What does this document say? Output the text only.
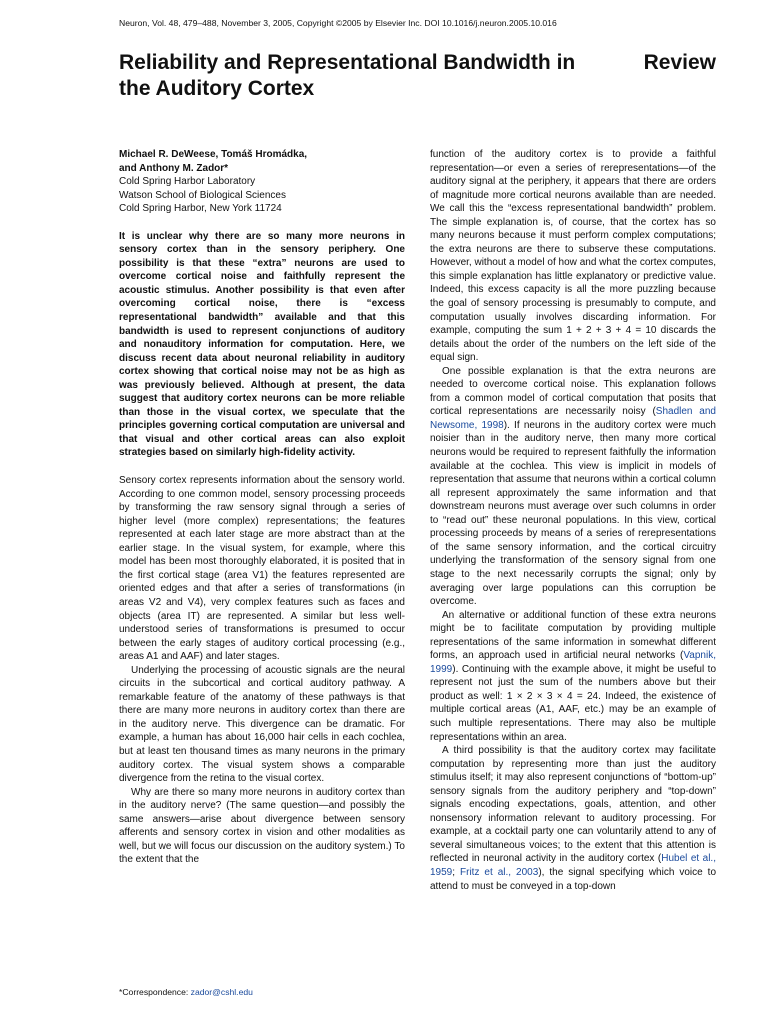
Neuron, Vol. 48, 479–488, November 3, 2005, Copyright ©2005 by Elsevier Inc. DOI 10.1016/j.neuron.2005.10.016
Reliability and Representational Bandwidth in the Auditory Cortex
Review
Michael R. DeWeese, Tomáš Hromádka,
and Anthony M. Zador*
Cold Spring Harbor Laboratory
Watson School of Biological Sciences
Cold Spring Harbor, New York 11724

It is unclear why there are so many more neurons in sensory cortex than in the sensory periphery. One possibility is that these “extra” neurons are used to overcome cortical noise and faithfully represent the acoustic stimulus. Another possibility is that even after overcoming cortical noise, there is “excess representational bandwidth” available and that this bandwidth is used to represent conjunctions of auditory and nonauditory information for computation. Here, we discuss recent data about neuronal reliability in auditory cortex showing that cortical noise may not be as high as was previously believed. Although at present, the data suggest that auditory cortex neurons can be more reliable than those in the visual cortex, we speculate that the principles governing cortical computation are universal and that visual and other cortical areas can also exploit strategies based on similarly high-fidelity activity.

Sensory cortex represents information about the sensory world. According to one common model, sensory processing proceeds by transforming the raw sensory signal through a series of higher level (more complex) representations; the features represented at each later stage are more abstract than at the earlier stage. In the visual system, for example, where this model has been most thoroughly elaborated, it is posited that in the first cortical stage (area V1) the features represented are oriented edges and that after a series of transformations (in areas V2 and V4), very complex features such as faces and objects (area IT) are represented. A similar but less well-understood series of transformations is presumed to occur between the early stages of auditory cortical processing (e.g., areas A1 and AAF) and later stages.

Underlying the processing of acoustic signals are the neural circuits in the subcortical and cortical auditory pathway. A remarkable feature of the anatomy of these pathways is that there are many more neurons in auditory cortex than there are in the auditory nerve. This divergence can be dramatic. For example, a human has about 16,000 hair cells in each cochlea, but at least ten thousand times as many neurons in the primary auditory cortex. The visual system shows a comparable divergence from the retina to the visual cortex.

Why are there so many more neurons in auditory cortex than in the auditory nerve? (The same question—and possibly the same answers—arise about divergence between sensory afferents and sensory cortex in vision and other modalities as well, but we will focus our discussion on the auditory system.) To the extent that the

function of the auditory cortex is to provide a faithful representation—or even a series of rerepresentations—of the auditory signal at the periphery, it appears that there are orders of magnitude more cortical neurons available than are needed. We call this the “excess representational bandwidth” problem. The simple explanation is, of course, that the cortex has so many neurons because it must perform complex computations; the extra neurons are there to subserve these computations. However, without a model of how and what the cortex computes, this simple explanation has little explanatory or predictive value. Indeed, this excess capacity is all the more puzzling because the goal of sensory processing is presumably to compute, and computation usually involves discarding information. For example, computing the sum 1 + 2 + 3 + 4 = 10 discards the details about the order of the numbers on the left side of the equal sign.

One possible explanation is that the extra neurons are needed to overcome cortical noise. This explanation follows from a common model of cortical computation that posits that cortical representations are necessarily noisy (Shadlen and Newsome, 1998). If neurons in the auditory cortex were much noisier than in the auditory nerve, then many more cortical neurons would be required to represent faithfully the information available at the cochlea. This view is implicit in models of representation that assume that neurons within a cortical column all represent approximately the same information and that downstream neurons must average over such columns in order to “read out” these neuronal populations. In this view, cortical processing proceeds by means of a series of rerepresentations of the same sensory information, and the cortical circuitry underlying the transformation of the sensory signal from one stage to the next necessarily corrupts the signal; only by averaging over large populations can this corruption be overcome.

An alternative or additional function of these extra neurons might be to facilitate computation by providing multiple representations of the same information in somewhat different forms, an approach used in artificial neural networks (Vapnik, 1999). Continuing with the example above, it might be useful to represent not just the sum of the numbers above but their product as well: 1 × 2 × 3 × 4 = 24. Indeed, the existence of multiple cortical areas (A1, AAF, etc.) may be an example of such multiple representations. There may also be multiple representations within an area.

A third possibility is that the auditory cortex may facilitate computation by representing more than just the auditory stimulus itself; it may also represent conjunctions of “bottom-up” sensory signals from the auditory periphery and “top-down” signals encoding expectations, goals, attention, and other nonsensory information relevant to auditory processing. For example, at a cocktail party one can voluntarily attend to any of several simultaneous voices; to the extent that this attention is reflected in neuronal activity in the auditory cortex (Hubel et al., 1959; Fritz et al., 2003), the signal specifying which voice to attend to must be conveyed in a top-down

*Correspondence: zador@cshl.edu
